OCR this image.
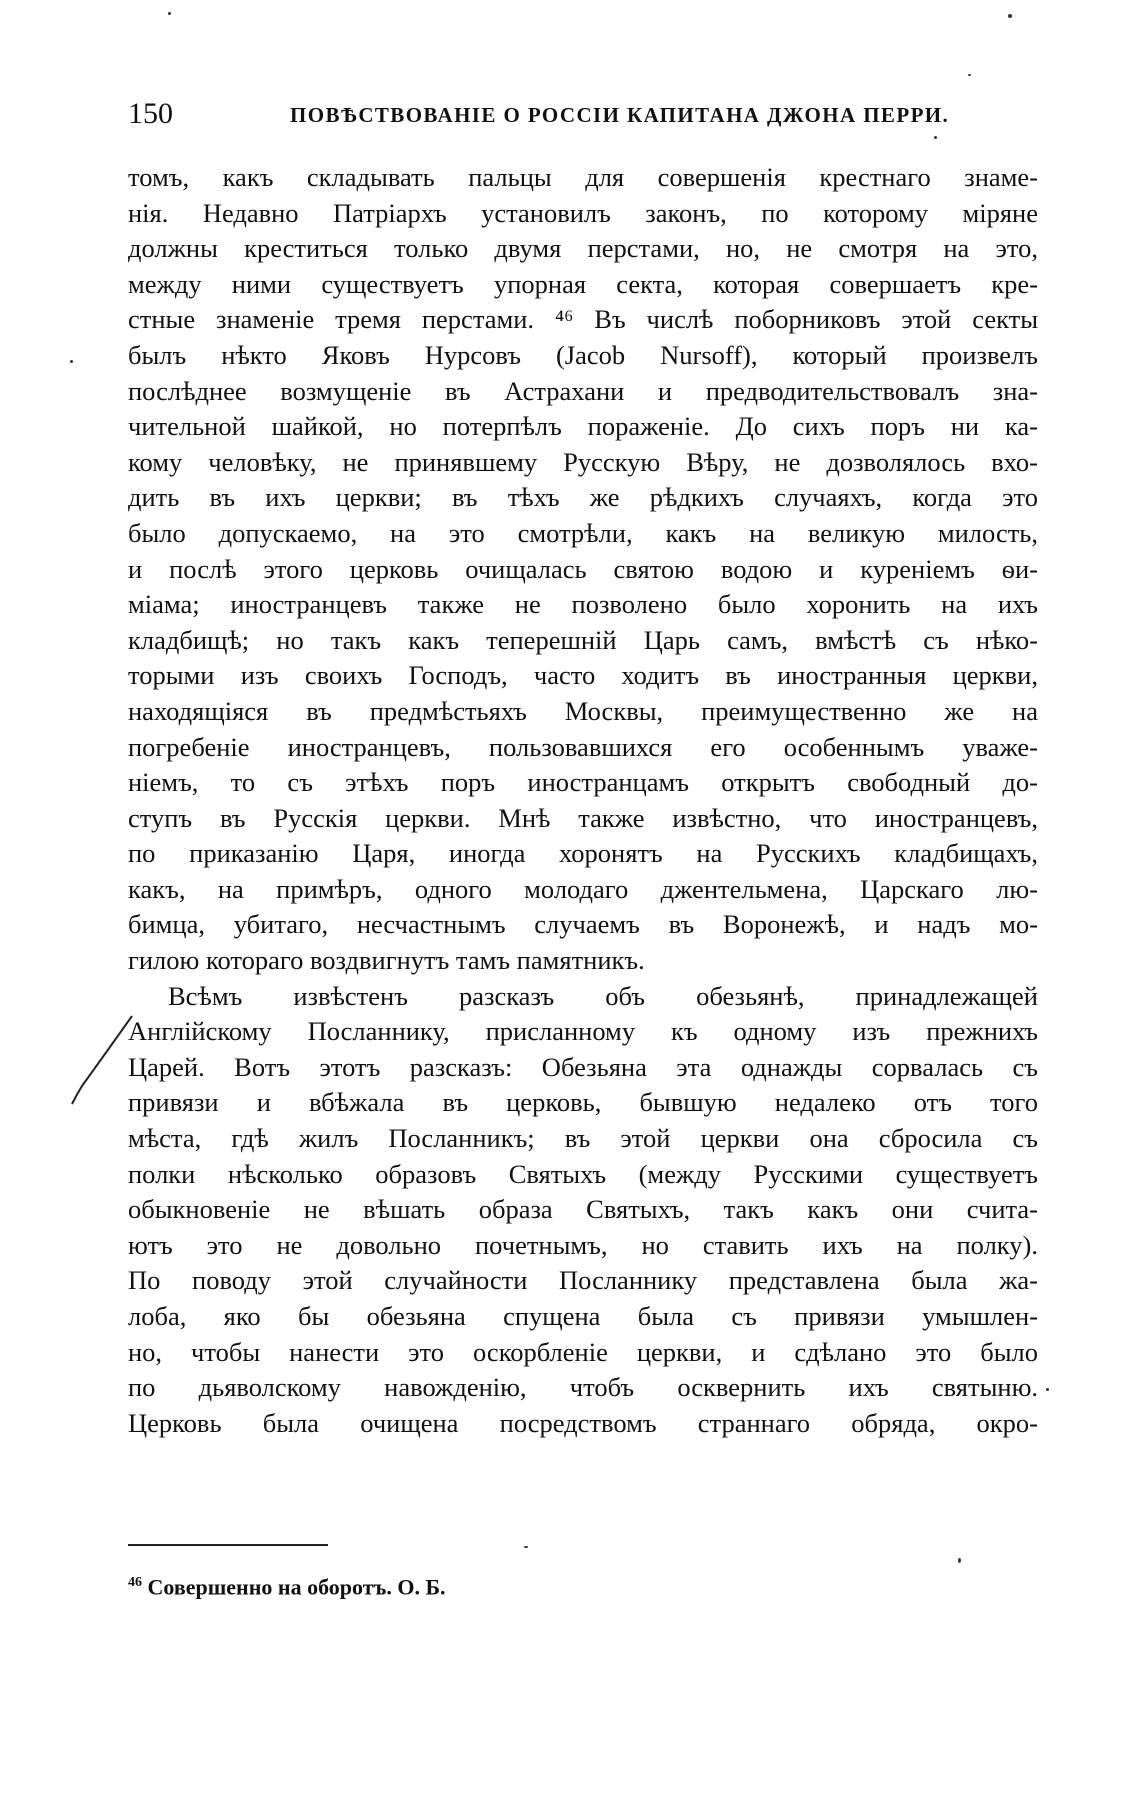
150	ПОВѢСТВОВАНІЕ О РОССІИ КАПИТАНА ДЖОНА ПЕРРИ.
томъ, какъ складывать пальцы для совершенія крестнаго знаме-
нія. Недавно Патріархъ установилъ законъ, по которому міряне
должны креститься только двумя перстами, но, не смотря на это,
между ними существуетъ упорная секта, которая совершаетъ кре-
стные знаменіе тремя перстами. ⁴⁶ Въ числѣ поборниковъ этой секты
былъ нѣкто Яковъ Нурсовъ (Jacob Nursoff), который произвелъ
послѣднее возмущеніе въ Астрахани и предводительствовалъ зна-
чительной шайкой, но потерпѣлъ пораженіе. До сихъ поръ ни ка-
кому человѣку, не принявшему Русскую Вѣру, не дозволялось вхо-
дить въ ихъ церкви; въ тѣхъ же рѣдкихъ случаяхъ, когда это
было допускаемо, на это смотрѣли, какъ на великую милость,
и послѣ этого церковь очищалась святою водою и куреніемъ ѳи-
міама; иностранцевъ также не позволено было хоронить на ихъ
кладбищѣ; но такъ какъ теперешній Царь самъ, вмѣстѣ съ нѣко-
торыми изъ своихъ Господъ, часто ходитъ въ иностранныя церкви,
находящіяся въ предмѣстьяхъ Москвы, преимущественно же на
погребеніе иностранцевъ, пользовавшихся его особеннымъ уваже-
ніемъ, то съ этѣхъ поръ иностранцамъ открытъ свободный до-
ступъ въ Русскія церкви. Мнѣ также извѣстно, что иностранцевъ,
по приказанію Царя, иногда хоронятъ на Русскихъ кладбищахъ,
какъ, на примѣръ, одного молодаго джентельмена, Царскаго лю-
бимца, убитаго, несчастнымъ случаемъ въ Воронежѣ, и надъ мо-
гилою котораго воздвигнутъ тамъ памятникъ.
Всѣмъ извѣстенъ разсказъ объ обезьянѣ, принадлежащей
Англійскому Посланнику, присланному къ одному изъ прежнихъ
Царей. Вотъ этотъ разсказъ: Обезьяна эта однажды сорвалась съ
привязи и вбѣжала въ церковь, бывшую недалеко отъ того
мѣста, гдѣ жилъ Посланникъ; въ этой церкви она сбросила съ
полки нѣсколько образовъ Святыхъ (между Русскими существуетъ
обыкновеніе не вѣшать образа Святыхъ, такъ какъ они счита-
ютъ это не довольно почетнымъ, но ставить ихъ на полку).
По поводу этой случайности Посланнику представлена была жа-
лоба, яко бы обезьяна спущена была съ привязи умышлен-
но, чтобы нанести это оскорбленіе церкви, и сдѣлано это было
по дьяволскому навожденію, чтобъ осквернить ихъ святыню.
Церковь была очищена посредствомъ страннаго обряда, окро-
$^{46}$ Совершенно на оборотъ. О. Б.
